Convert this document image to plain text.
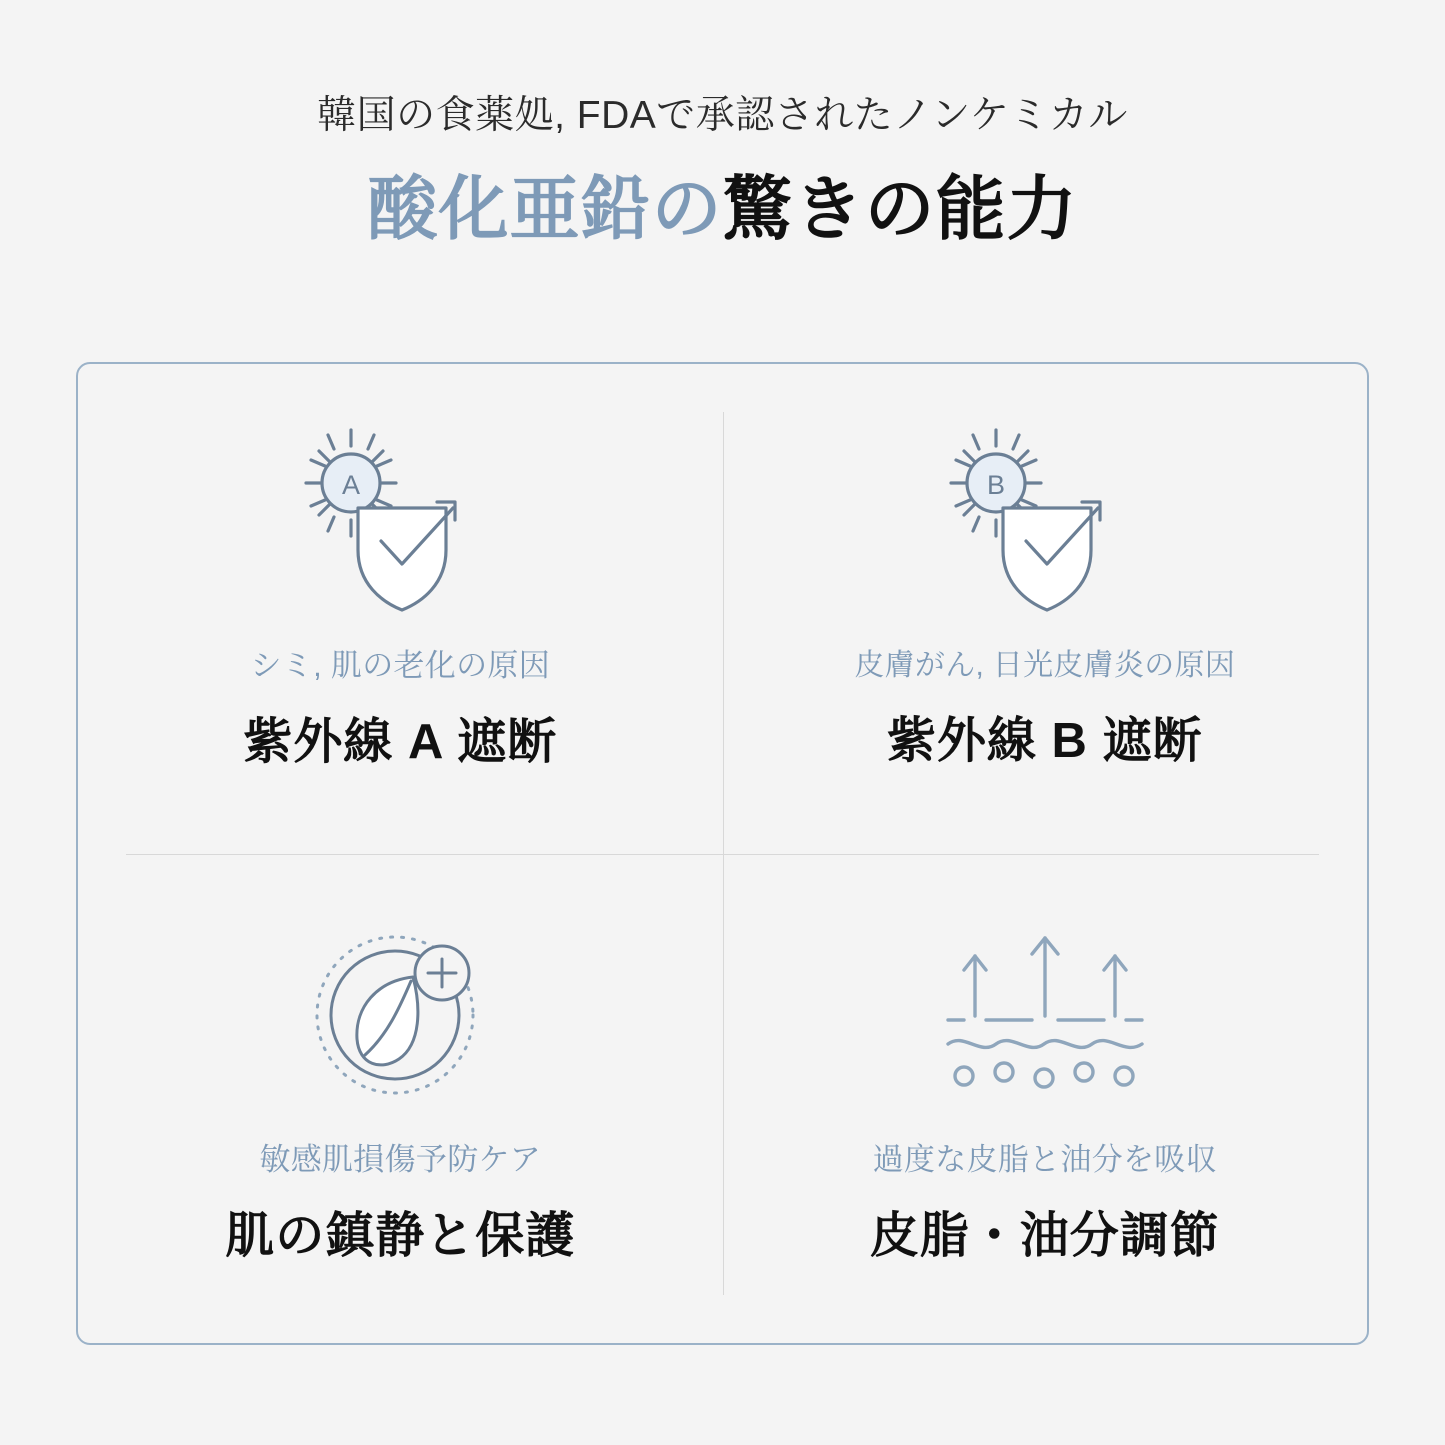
韓国の食薬処, FDAで承認されたノンケミカル
酸化亜鉛の驚きの能力
A
シミ, 肌の老化の原因
紫外線 A 遮断
B
皮膚がん, 日光皮膚炎の原因
紫外線 B 遮断
敏感肌損傷予防ケア
肌の鎮静と保護
過度な皮脂と油分を吸収
皮脂・油分調節
